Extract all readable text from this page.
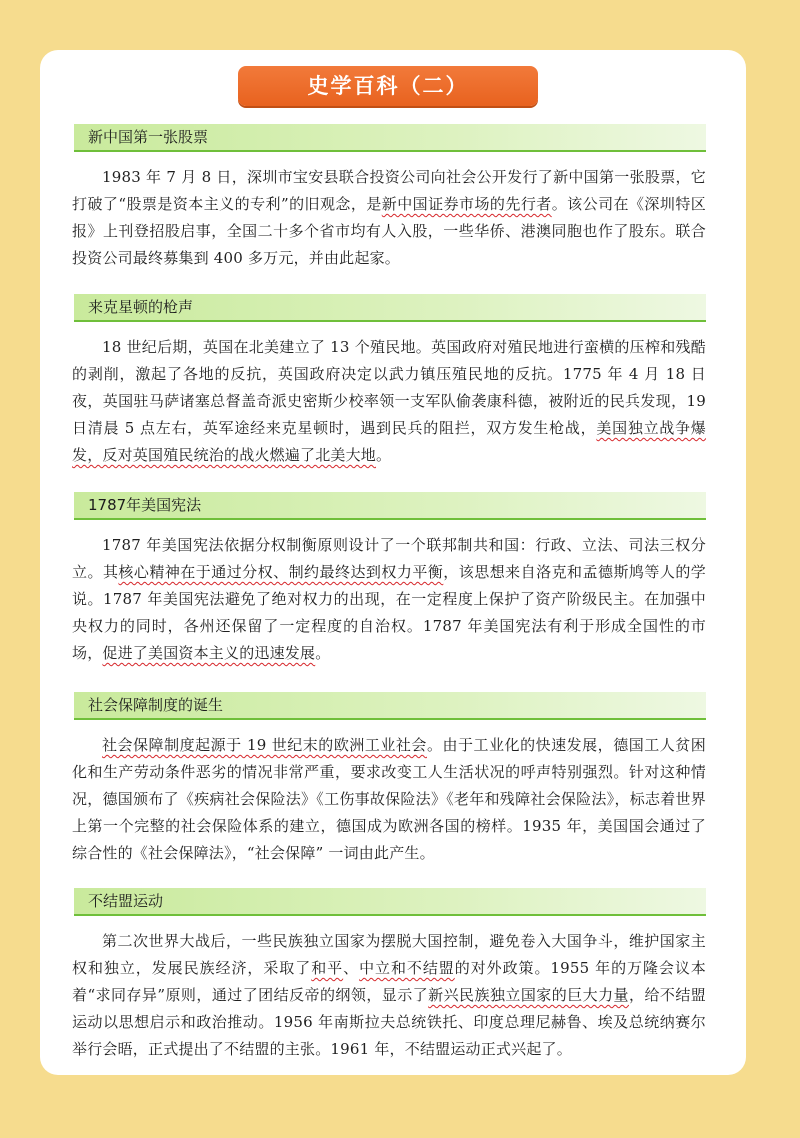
史学百科（二）
新中国第一张股票

1983 年 7 月 8 日，深圳市宝安县联合投资公司向社会公开发行了新中国第一张股票，它打破了“股票是资本主义的专利”的旧观念，是新中国证券市场的先行者。该公司在《深圳特区报》上刊登招股启事，全国二十多个省市均有人入股，一些华侨、港澳同胞也作了股东。联合投资公司最终募集到 400 多万元，并由此起家。

来克星顿的枪声

18 世纪后期，英国在北美建立了 13 个殖民地。英国政府对殖民地进行蛮横的压榨和残酷的剥削，激起了各地的反抗，英国政府决定以武力镇压殖民地的反抗。1775 年 4 月 18 日夜，英国驻马萨诸塞总督盖奇派史密斯少校率领一支军队偷袭康科德，被附近的民兵发现，19 日清晨 5 点左右，英军途经来克星顿时，遇到民兵的阻拦，双方发生枪战，美国独立战争爆发，反对英国殖民统治的战火燃遍了北美大地。

1787年美国宪法

1787 年美国宪法依据分权制衡原则设计了一个联邦制共和国：行政、立法、司法三权分立。其核心精神在于通过分权、制约最终达到权力平衡，该思想来自洛克和孟德斯鸠等人的学说。1787 年美国宪法避免了绝对权力的出现，在一定程度上保护了资产阶级民主。在加强中央权力的同时，各州还保留了一定程度的自治权。1787 年美国宪法有利于形成全国性的市场，促进了美国资本主义的迅速发展。

社会保障制度的诞生

社会保障制度起源于 19 世纪末的欧洲工业社会。由于工业化的快速发展，德国工人贫困化和生产劳动条件恶劣的情况非常严重，要求改变工人生活状况的呼声特别强烈。针对这种情况，德国颁布了《疾病社会保险法》《工伤事故保险法》《老年和残障社会保险法》，标志着世界上第一个完整的社会保险体系的建立，德国成为欧洲各国的榜样。1935 年，美国国会通过了综合性的《社会保障法》，“社会保障” 一词由此产生。

不结盟运动

第二次世界大战后，一些民族独立国家为摆脱大国控制，避免卷入大国争斗，维护国家主权和独立，发展民族经济，采取了和平、中立和不结盟的对外政策。1955 年的万隆会议本着“求同存异”原则，通过了团结反帝的纲领，显示了新兴民族独立国家的巨大力量，给不结盟运动以思想启示和政治推动。1956 年南斯拉夫总统铁托、印度总理尼赫鲁、埃及总统纳赛尔举行会晤，正式提出了不结盟的主张。1961 年，不结盟运动正式兴起了。
